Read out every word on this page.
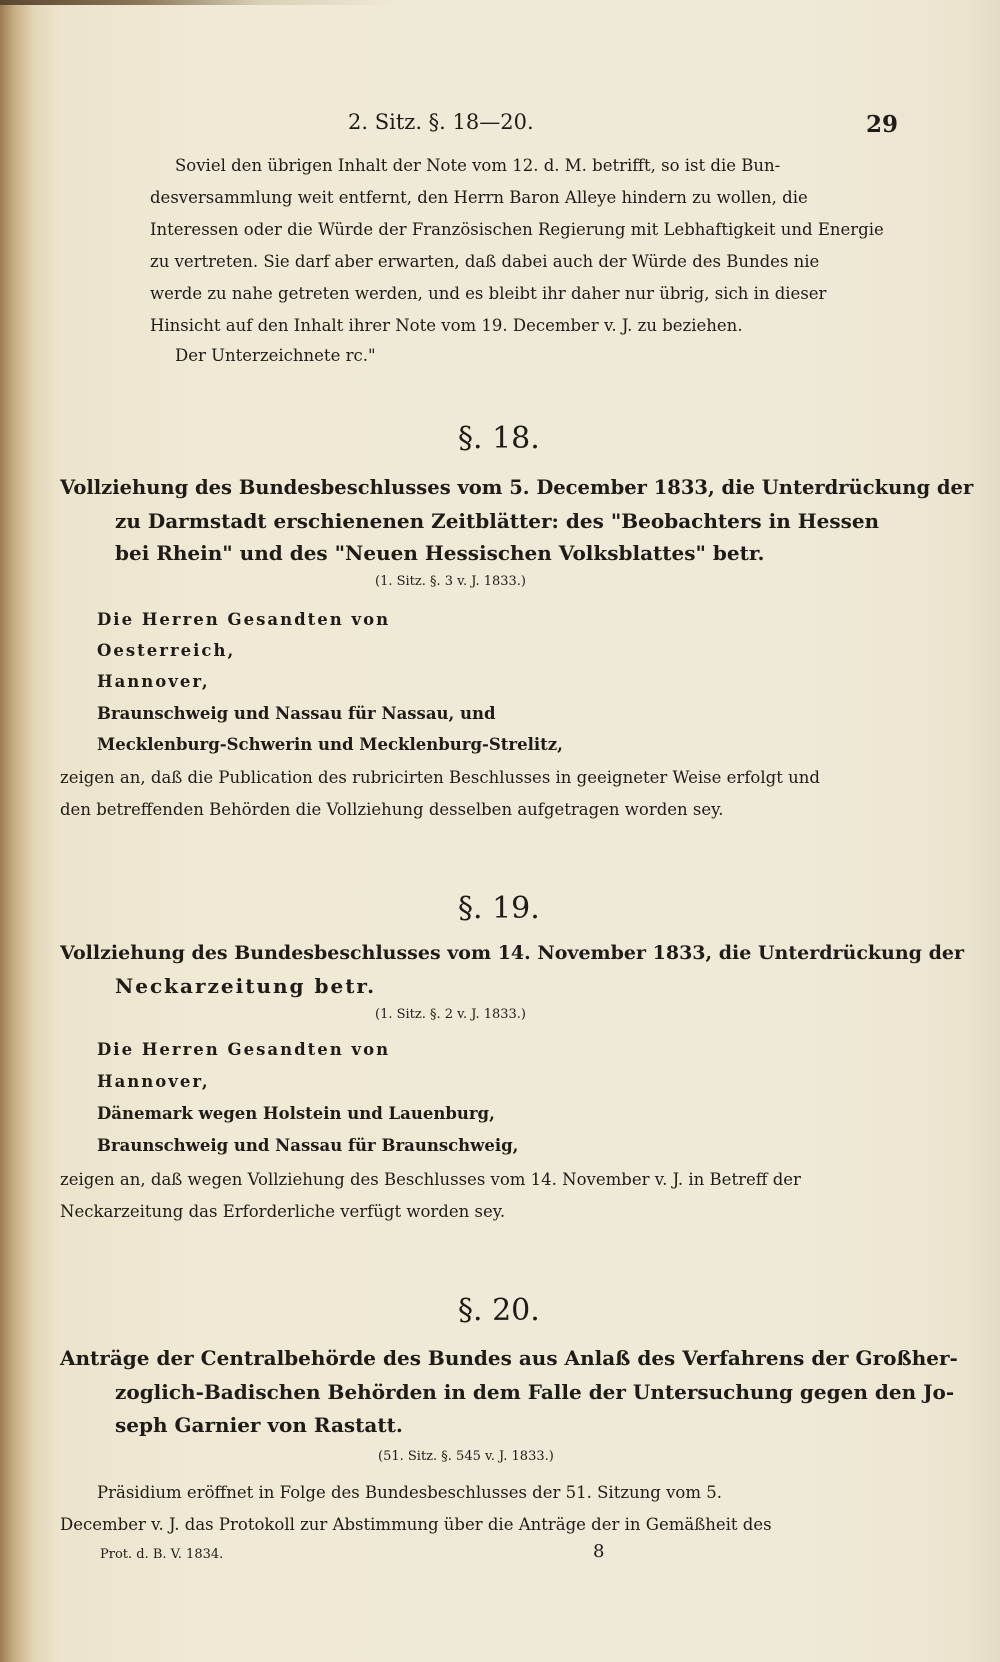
2. Sitz. §. 18—20.	29
Soviel den übrigen Inhalt der Note vom 12. d. M. betrifft, so ist die Bun-
desversammlung weit entfernt, den Herrn Baron Alleye hindern zu wollen, die
Interessen oder die Würde der Französischen Regierung mit Lebhaftigkeit und Energie
zu vertreten. Sie darf aber erwarten, daß dabei auch der Würde des Bundes nie
werde zu nahe getreten werden, und es bleibt ihr daher nur übrig, sich in dieser
Hinsicht auf den Inhalt ihrer Note vom 19. December v. J. zu beziehen.
Der Unterzeichnete rc."
§. 18.
Vollziehung des Bundesbeschlusses vom 5. December 1833, die Unterdrückung der
zu Darmstadt erschienenen Zeitblätter: des "Beobachters in Hessen
bei Rhein" und des "Neuen Hessischen Volksblattes" betr.
(1. Sitz. §. 3 v. J. 1833.)
Die Herren Gesandten von
Oesterreich,
Hannover,
Braunschweig und Nassau für Nassau, und
Mecklenburg-Schwerin und Mecklenburg-Strelitz,
zeigen an, daß die Publication des rubricirten Beschlusses in geeigneter Weise erfolgt und
den betreffenden Behörden die Vollziehung desselben aufgetragen worden sey.
§. 19.
Vollziehung des Bundesbeschlusses vom 14. November 1833, die Unterdrückung der
Neckarzeitung betr.
(1. Sitz. §. 2 v. J. 1833.)
Die Herren Gesandten von
Hannover,
Dänemark wegen Holstein und Lauenburg,
Braunschweig und Nassau für Braunschweig,
zeigen an, daß wegen Vollziehung des Beschlusses vom 14. November v. J. in Betreff der
Neckarzeitung das Erforderliche verfügt worden sey.
§. 20.
Anträge der Centralbehörde des Bundes aus Anlaß des Verfahrens der Großher-
zoglich-Badischen Behörden in dem Falle der Untersuchung gegen den Jo-
seph Garnier von Rastatt.
(51. Sitz. §. 545 v. J. 1833.)
Präsidium eröffnet in Folge des Bundesbeschlusses der 51. Sitzung vom 5.
December v. J. das Protokoll zur Abstimmung über die Anträge der in Gemäßheit des
Prot. d. B. V. 1834.	8
